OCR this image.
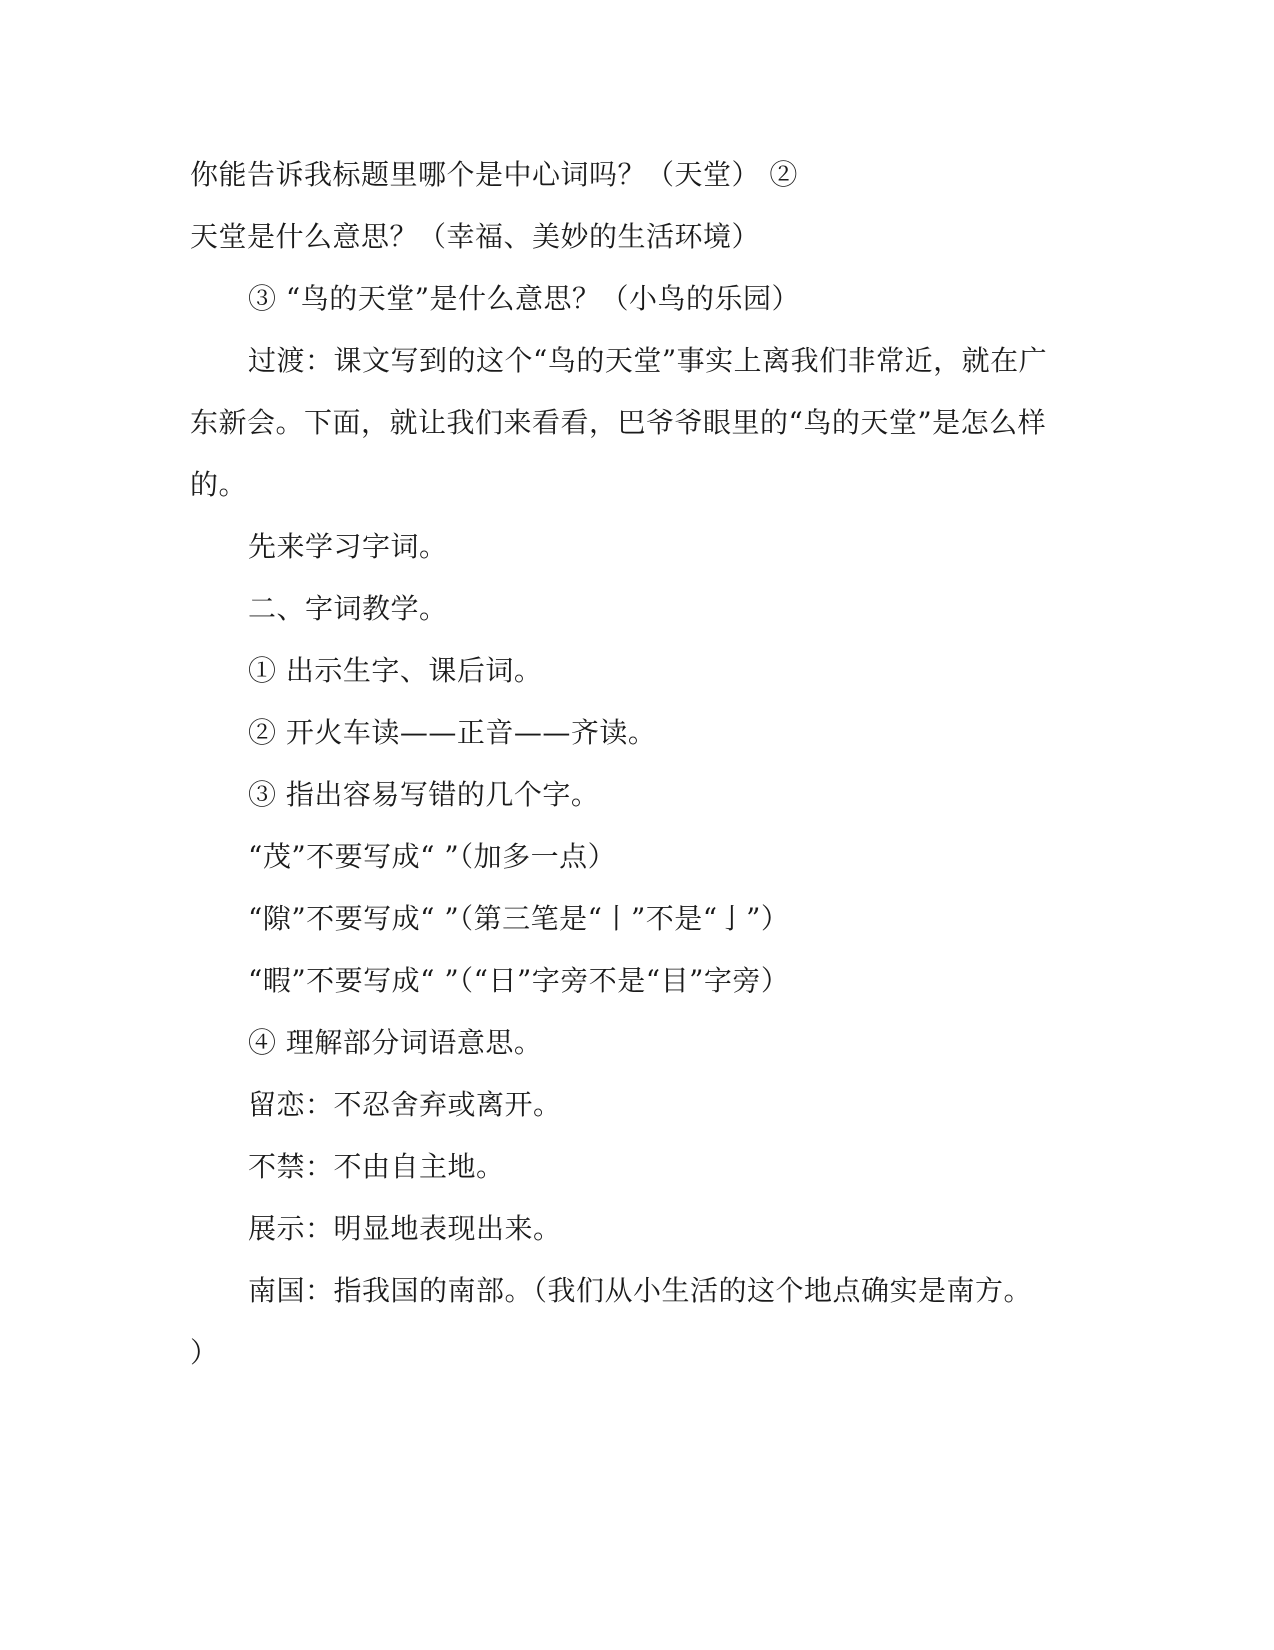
你能告诉我标题里哪个是中心词吗？（天堂） ②
天堂是什么意思？（幸福、美妙的生活环境）
③ “鸟的天堂”是什么意思？（小鸟的乐园）
过渡：课文写到的这个“鸟的天堂”事实上离我们非常近，就在广
东新会。下面，就让我们来看看，巴爷爷眼里的“鸟的天堂”是怎么样
的。
先来学习字词。
二、字词教学。
① 出示生字、课后词。
② 开火车读——正音——齐读。
③ 指出容易写错的几个字。
“茂”不要写成“ ”（加多一点）
“隙”不要写成“ ”（第三笔是“丨”不是“亅”）
“暇”不要写成“ ”（“日”字旁不是“目”字旁）
④ 理解部分词语意思。
留恋：不忍舍弃或离开。
不禁：不由自主地。
展示：明显地表现出来。
南国：指我国的南部。（我们从小生活的这个地点确实是南方。
）
